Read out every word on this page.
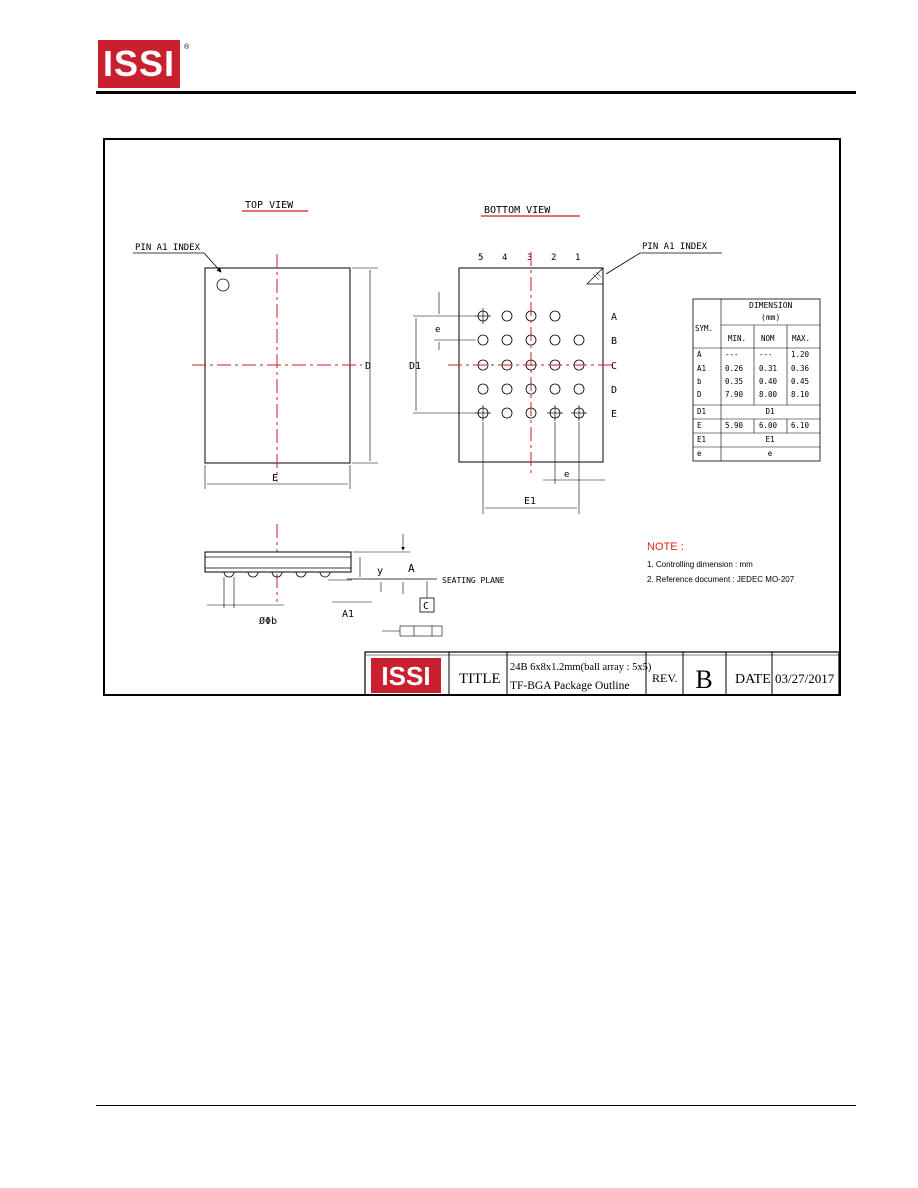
ISSI ®
TOP VIEW
PIN A1 INDEX
D
E
BOTTOM VIEW
PIN A1 INDEX
5 4 3 2 1
A
B
C
D
E
D1
e
E1
e
A
SEATING PLANE
C
y
A1
ØΦb
DIMENSION
(mm)
SYM.
MIN. NOM MAX.
A	---	--- 1.20
A1	0.26 0.31 0.36
b	0.35 0.40 0.45
D	7.90 8.00 8.10
D1	D1
E	5.90 6.00 6.10
E1	E1
e	e
NOTE :
1. Controlling dimension : mm
2. Reference document : JEDEC MO-207
ISSI TITLE
24B 6x8x1.2mm(ball array : 5x5)
TF-BGA Package Outline
REV. B DATE 03/27/2017
